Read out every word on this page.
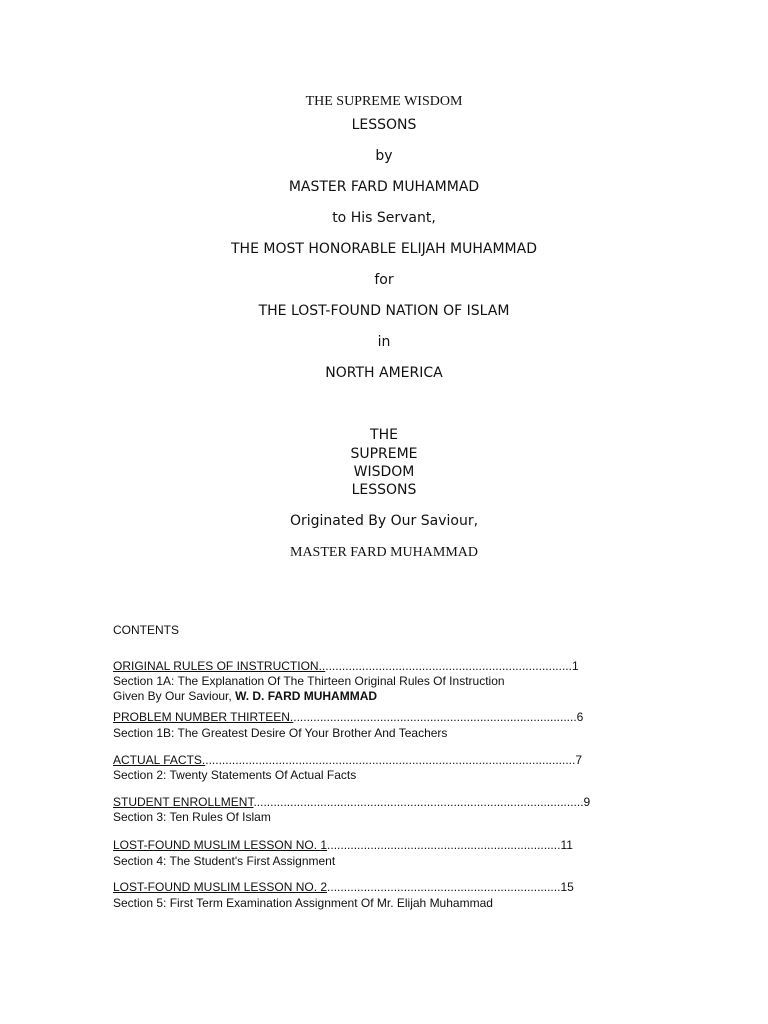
THE SUPREME WISDOM
LESSONS
by
MASTER FARD MUHAMMAD
to His Servant,
THE MOST HONORABLE ELIJAH MUHAMMAD
for
THE LOST-FOUND NATION OF ISLAM
in
NORTH AMERICA
THE
SUPREME
WISDOM
LESSONS
Originated By Our Saviour,
MASTER FARD MUHAMMAD
CONTENTS
ORIGINAL RULES OF INSTRUCTION............................................................................1
Section 1A: The Explanation Of The Thirteen Original Rules Of Instruction
Given By Our Saviour, W. D. FARD MUHAMMAD
PROBLEM NUMBER THIRTEEN......................................................................................6
Section 1B: The Greatest Desire Of Your Brother And Teachers
ACTUAL FACTS................................................................................................................7
Section 2: Twenty Statements Of Actual Facts
STUDENT ENROLLMENT...................................................................................................9
Section 3: Ten Rules Of Islam
LOST-FOUND MUSLIM LESSON NO. 1......................................................................11
Section 4: The Student's First Assignment
LOST-FOUND MUSLIM LESSON NO. 2......................................................................15
Section 5: First Term Examination Assignment Of Mr. Elijah Muhammad
